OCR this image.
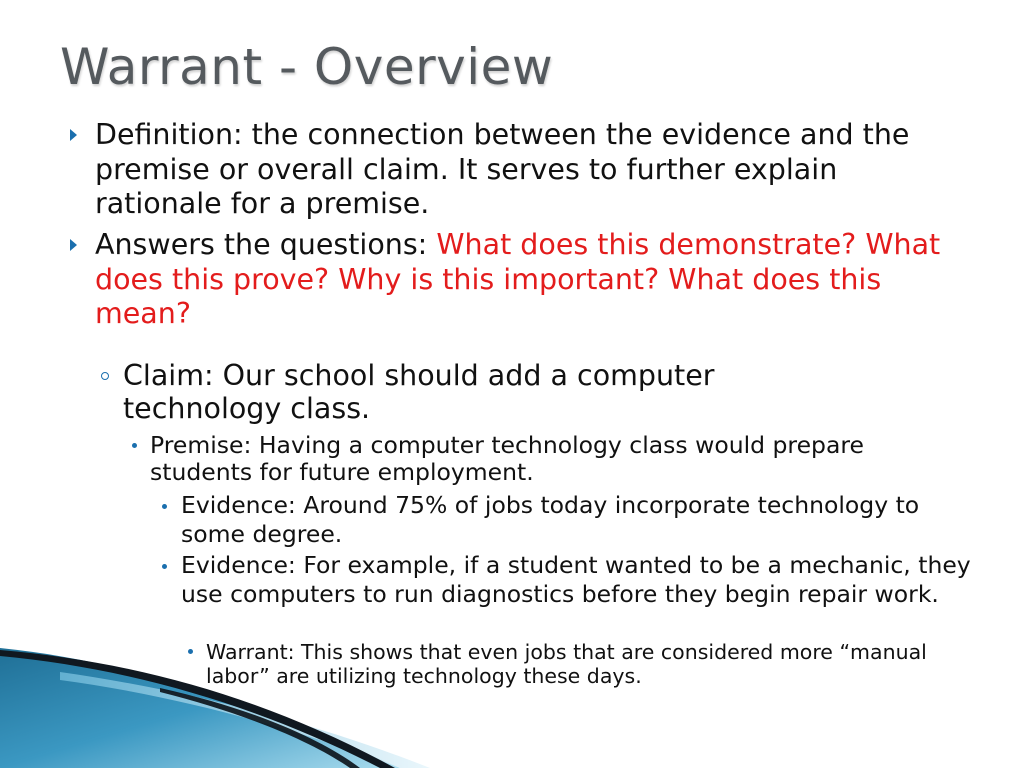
Warrant - Overview
Definition: the connection between the evidence and the premise or overall claim. It serves to further explain rationale for a premise.
Answers the questions: What does this demonstrate? What does this prove? Why is this important? What does this mean?
Claim: Our school should add a computer technology class.
Premise: Having a computer technology class would prepare students for future employment.
Evidence: Around 75% of jobs today incorporate technology to some degree.
Evidence: For example, if a student wanted to be a mechanic, they use computers to run diagnostics before they begin repair work.
Warrant: This shows that even jobs that are considered more “manual labor” are utilizing technology these days.
